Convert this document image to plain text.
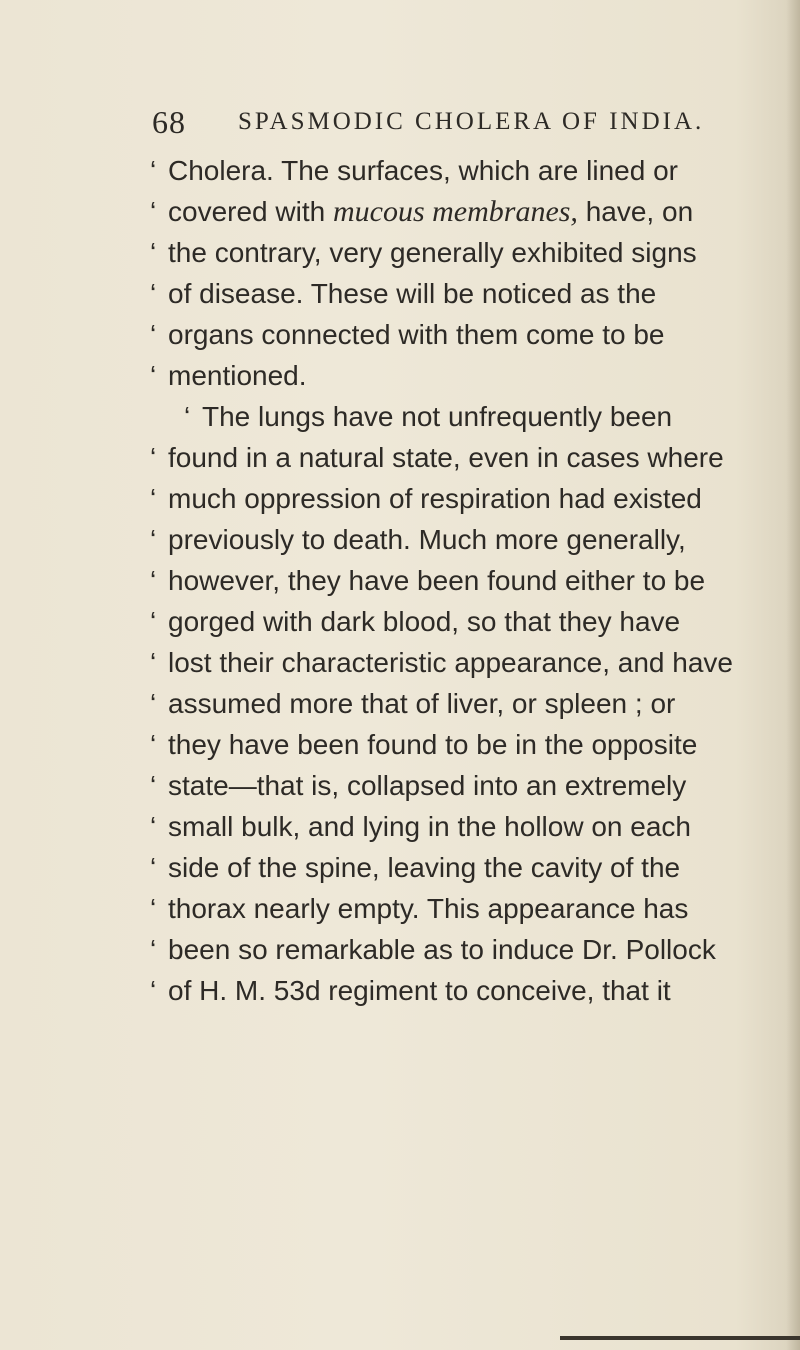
68 SPASMODIC CHOLERA OF INDIA.
‘ Cholera. The surfaces, which are lined or
‘ covered with mucous membranes, have, on
‘ the contrary, very generally exhibited signs
‘ of disease. These will be noticed as the
‘ organs connected with them come to be
‘ mentioned.
‘ The lungs have not unfrequently been
‘ found in a natural state, even in cases where
‘ much oppression of respiration had existed
‘ previously to death. Much more generally,
‘ however, they have been found either to be
‘ gorged with dark blood, so that they have
‘ lost their characteristic appearance, and have
‘ assumed more that of liver, or spleen ; or
‘ they have been found to be in the opposite
‘ state—that is, collapsed into an extremely
‘ small bulk, and lying in the hollow on each
‘ side of the spine, leaving the cavity of the
‘ thorax nearly empty. This appearance has
‘ been so remarkable as to induce Dr. Pollock
‘ of H. M. 53d regiment to conceive, that it
